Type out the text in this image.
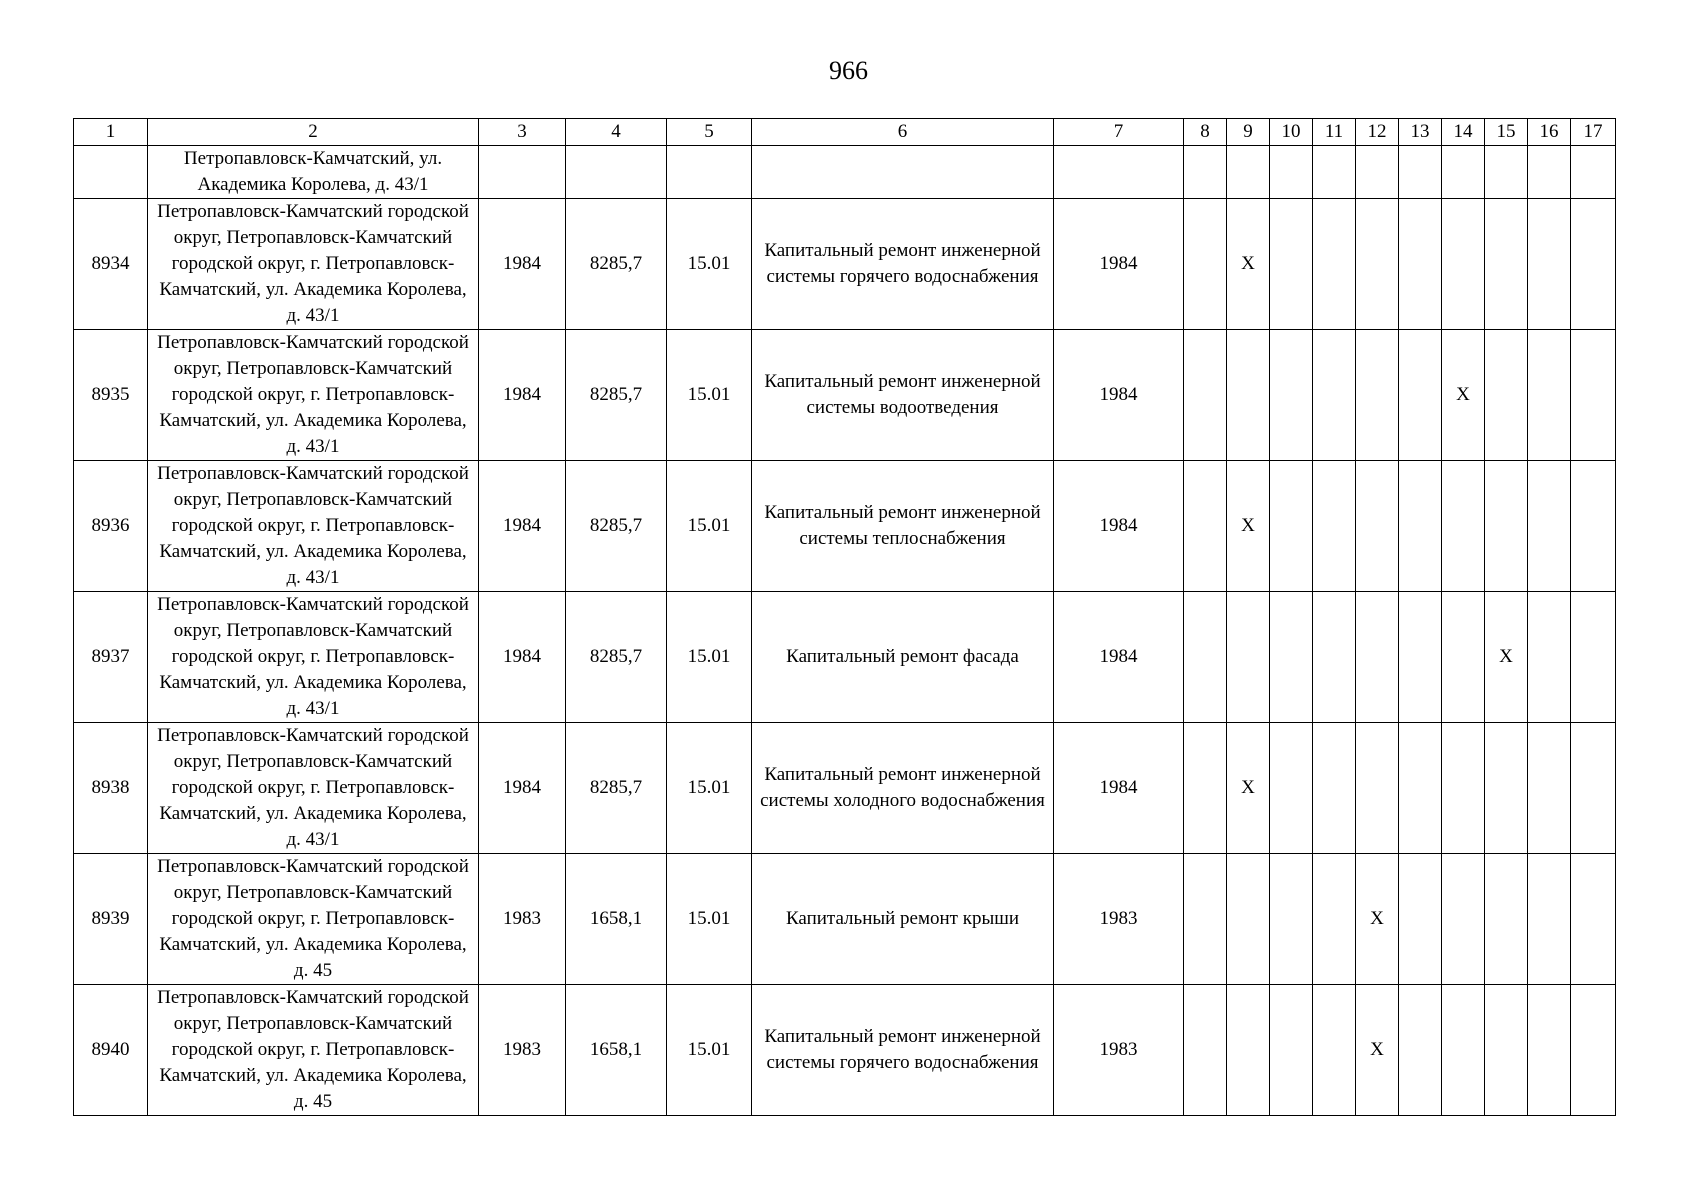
966
1	2	3	4	5	6	7	8	9	10	11	12	13	14	15	16	17
	Петропавловск-Камчатский, ул. Академика Королева, д. 43/1															
8934	Петропавловск-Камчатский городской округ, Петропавловск-Камчатский городской округ, г. Петропавловск-Камчатский, ул. Академика Королева, д. 43/1	1984	8285,7	15.01	Капитальный ремонт инженерной системы горячего водоснабжения	1984		X								
8935	Петропавловск-Камчатский городской округ, Петропавловск-Камчатский городской округ, г. Петропавловск-Камчатский, ул. Академика Королева, д. 43/1	1984	8285,7	15.01	Капитальный ремонт инженерной системы водоотведения	1984							X			
8936	Петропавловск-Камчатский городской округ, Петропавловск-Камчатский городской округ, г. Петропавловск-Камчатский, ул. Академика Королева, д. 43/1	1984	8285,7	15.01	Капитальный ремонт инженерной системы теплоснабжения	1984		X								
8937	Петропавловск-Камчатский городской округ, Петропавловск-Камчатский городской округ, г. Петропавловск-Камчатский, ул. Академика Королева, д. 43/1	1984	8285,7	15.01	Капитальный ремонт фасада	1984								X		
8938	Петропавловск-Камчатский городской округ, Петропавловск-Камчатский городской округ, г. Петропавловск-Камчатский, ул. Академика Королева, д. 43/1	1984	8285,7	15.01	Капитальный ремонт инженерной системы холодного водоснабжения	1984		X								
8939	Петропавловск-Камчатский городской округ, Петропавловск-Камчатский городской округ, г. Петропавловск-Камчатский, ул. Академика Королева, д. 45	1983	1658,1	15.01	Капитальный ремонт крыши	1983					X					
8940	Петропавловск-Камчатский городской округ, Петропавловск-Камчатский городской округ, г. Петропавловск-Камчатский, ул. Академика Королева, д. 45	1983	1658,1	15.01	Капитальный ремонт инженерной системы горячего водоснабжения	1983					X					
